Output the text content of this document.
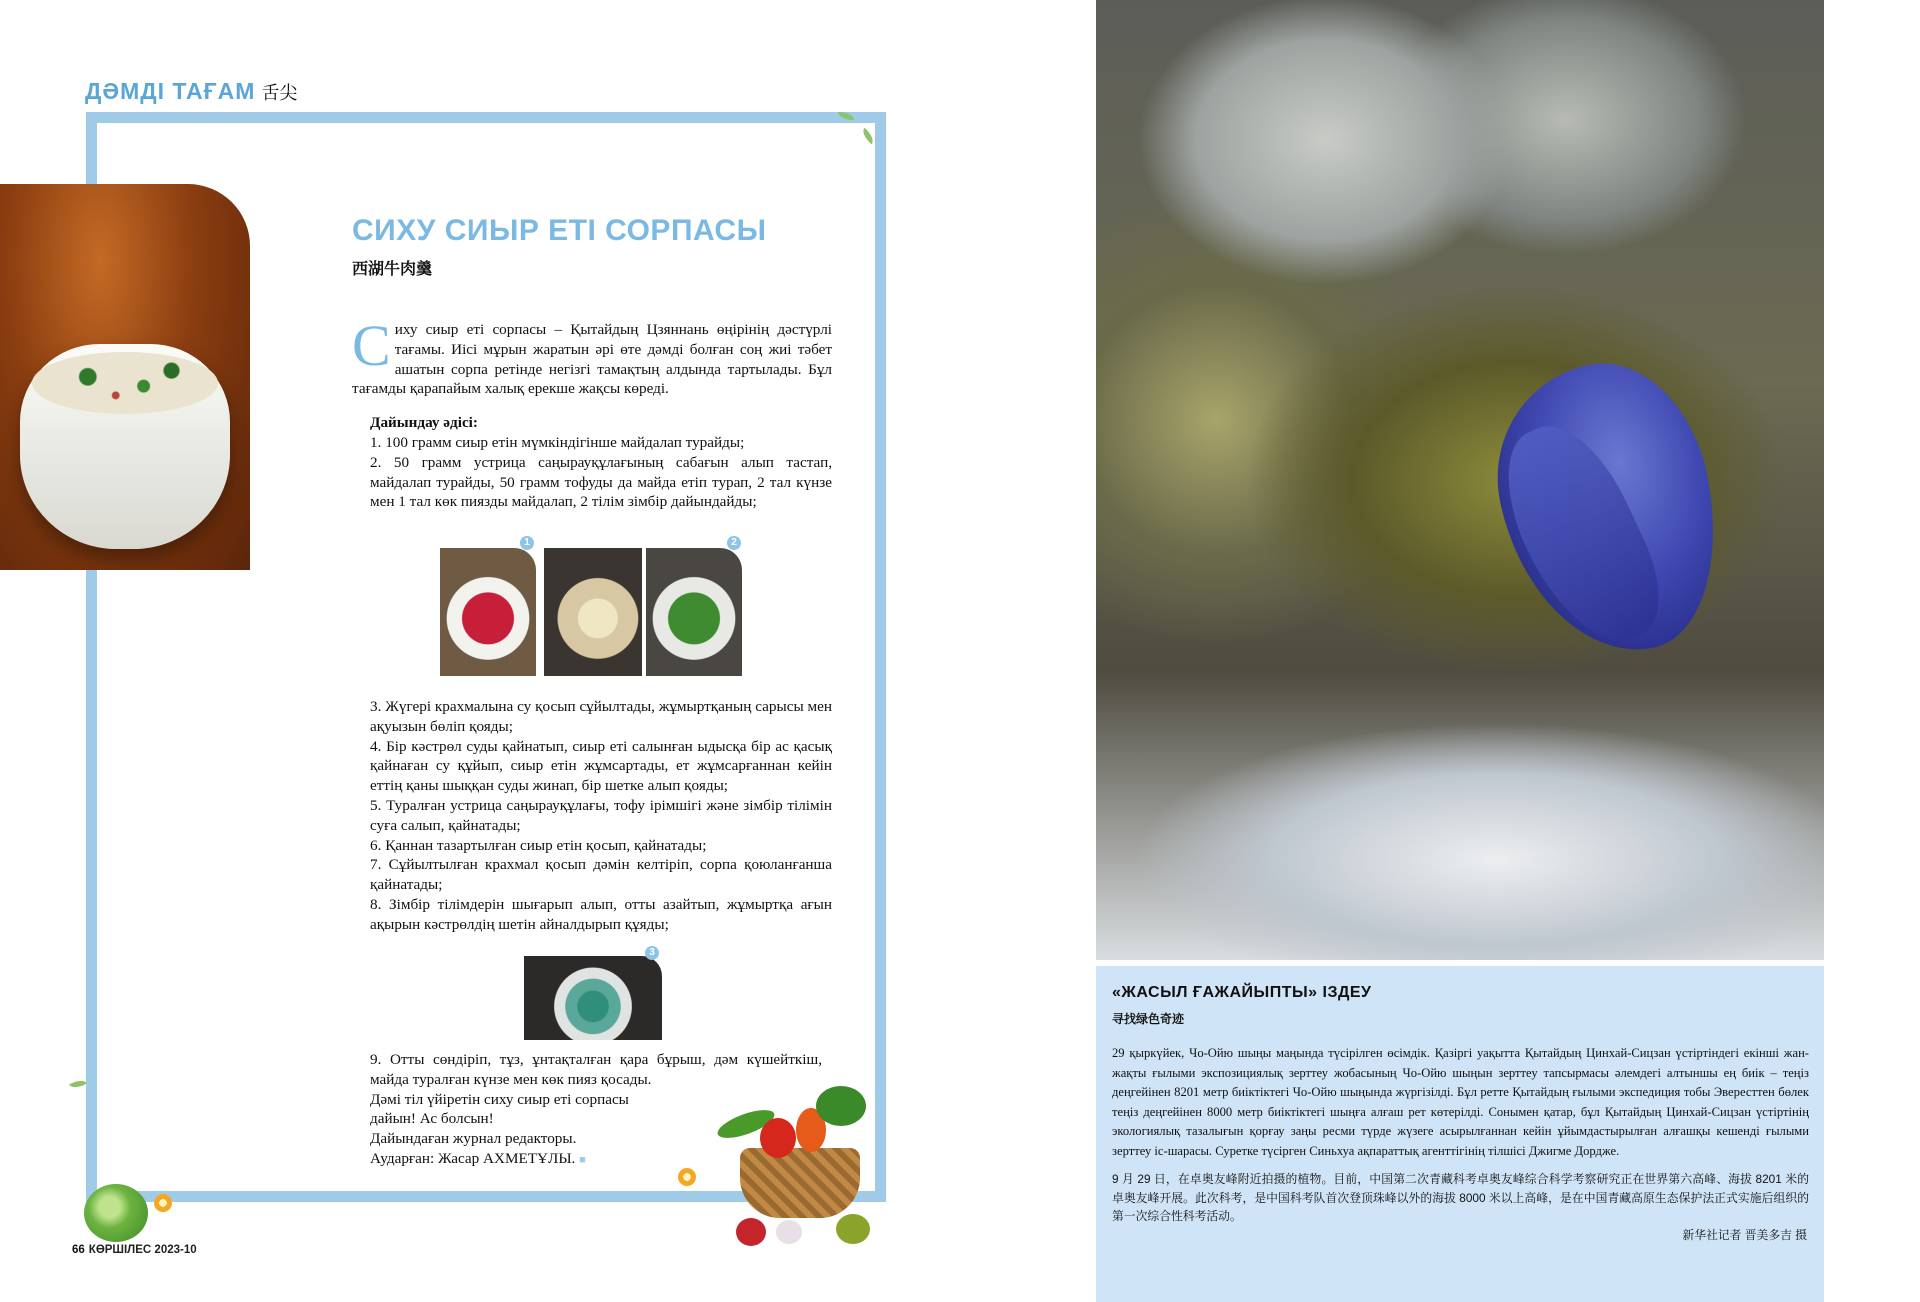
ДӘМДІ ТАҒАМ 舌尖
СИХУ СИЫР ЕТІ СОРПАСЫ
西湖牛肉羹

Сиху сиыр еті сорпасы – Қытайдың Цзяннань өңірінің дәстүрлі тағамы. Иісі мұрын жаратын әрі өте дәмді болған соң жиі тәбет ашатын сорпа ретінде негізгі тамақтың алдында тартылады. Бұл тағамды қарапайым халық ерекше жақсы көреді.

Дайындау әдісі:

1. 100 грамм сиыр етін мүмкіндігінше майдалап турайды;

2. 50 грамм устрица саңырауқұлағының сабағын алып тастап, майдалап турайды, 50 грамм тофуды да майда етіп турап, 2 тал күнзе мен 1 тал көк пиязды майдалап, 2 тілім зімбір дайындайды;

1	2

3. Жүгері крахмалына су қосып сұйылтады, жұмыртқаның сарысы мен ақуызын бөліп қояды;

4. Бір кәстрөл суды қайнатып, сиыр еті салынған ыдысқа бір ас қасық қайнаған су құйып, сиыр етін жұмсартады, ет жұмсарғаннан кейін еттің қаны шыққан суды жинап, бір шетке алып қояды;

5. Туралған устрица саңырауқұлағы, тофу ірімшігі және зімбір тілімін суға салып, қайнатады;

6. Қаннан тазартылған сиыр етін қосып, қайнатады;

7. Сұйылтылған крахмал қосып дәмін келтіріп, сорпа қоюланғанша қайнатады;

8. Зімбір тілімдерін шығарып алып, отты азайтып, жұмыртқа ағын ақырын кәстрөлдің шетін айналдырып құяды;

3

9. Отты сөндіріп, тұз, ұнтақталған қара бұрыш, дәм күшейткіш, майда туралған күнзе мен көк пияз қосады.

Дәмі тіл үйіретін сиху сиыр еті сорпасы

дайын! Ас болсын!

Дайындаған журнал редакторы.

Аударған: Жасар АХМЕТҰЛЫ. ■

66 КӨРШІЛЕС 2023-10
«ЖАСЫЛ ҒАЖАЙЫПТЫ» ІЗДЕУ
寻找绿色奇迹

29 қыркүйек, Чо-Ойю шыңы маңында түсірілген өсімдік. Қазіргі уақытта Қытайдың Цинхай-Сицзан үстіртіндегі екінші жан-жақты ғылыми экспозициялық зерттеу жобасының Чо-Ойю шыңын зерттеу тапсырмасы әлемдегі алтыншы ең биік – теңіз деңгейінен 8201 метр биіктіктегі Чо-Ойю шыңында жүргізілді. Бұл ретте Қытайдың ғылыми экспедиция тобы Эвересттен бөлек теңіз деңгейінен 8000 метр биіктіктегі шыңға алғаш рет көтерілді. Сонымен қатар, бұл Қытайдың Цинхай-Сицзан үстіртінің экологиялық тазалығын қорғау заңы ресми түрде жүзеге асырылғаннан кейін ұйымдастырылған алғашқы кешенді ғылыми зерттеу іс-шарасы. Суретке түсірген Синьхуа ақпараттық агенттігінің тілшісі Джигме Дордже.

9 月 29 日，在卓奥友峰附近拍摄的植物。目前，中国第二次青藏科考卓奥友峰综合科学考察研究正在世界第六高峰、海拔 8201 米的卓奥友峰开展。此次科考，是中国科考队首次登顶珠峰以外的海拔 8000 米以上高峰，是在中国青藏高原生态保护法正式实施后组织的第一次综合性科考活动。

新华社记者 晋美多吉 摄
